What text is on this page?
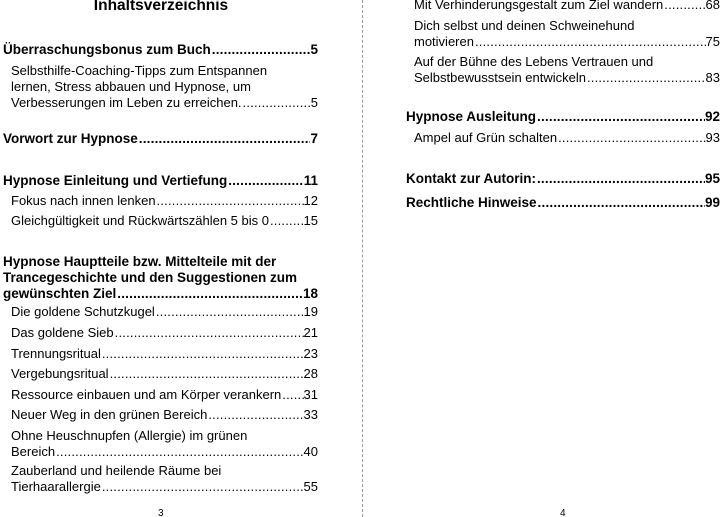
Inhaltsverzeichnis
Überraschungsbonus zum Buch .....	5
Selbsthilfe-Coaching-Tipps zum Entspannen
lernen, Stress abbauen und Hypnose, um
Verbesserungen im Leben zu erreichen. .....	5
Vorwort zur Hypnose .....	7
Hypnose Einleitung und Vertiefung .....	11
Fokus nach innen lenken .....	12
Gleichgültigkeit und Rückwärtszählen 5 bis 0 .....	15
Hypnose Hauptteile bzw. Mittelteile mit der
Trancegeschichte und den Suggestionen zum
gewünschten Ziel .....	18
Die goldene Schutzkugel .....	19
Das goldene Sieb .....	21
Trennungsritual .....	23
Vergebungsritual .....	28
Ressource einbauen und am Körper verankern ..... 31
Neuer Weg in den grünen Bereich .....	33
Ohne Heuschnupfen (Allergie) im grünen
Bereich .....	40
Zauberland und heilende Räume bei
Tierhaarallergie .....	55
3
Mit Verhinderungsgestalt zum Ziel wandern .....	68
Dich selbst und deinen Schweinehund
motivieren .....	75
Auf der Bühne des Lebens Vertrauen und
Selbstbewusstsein entwickeln .....	83
Hypnose Ausleitung .....	92
Ampel auf Grün schalten .....	93
Kontakt zur Autorin: .....	95
Rechtliche Hinweise .....	99
4
